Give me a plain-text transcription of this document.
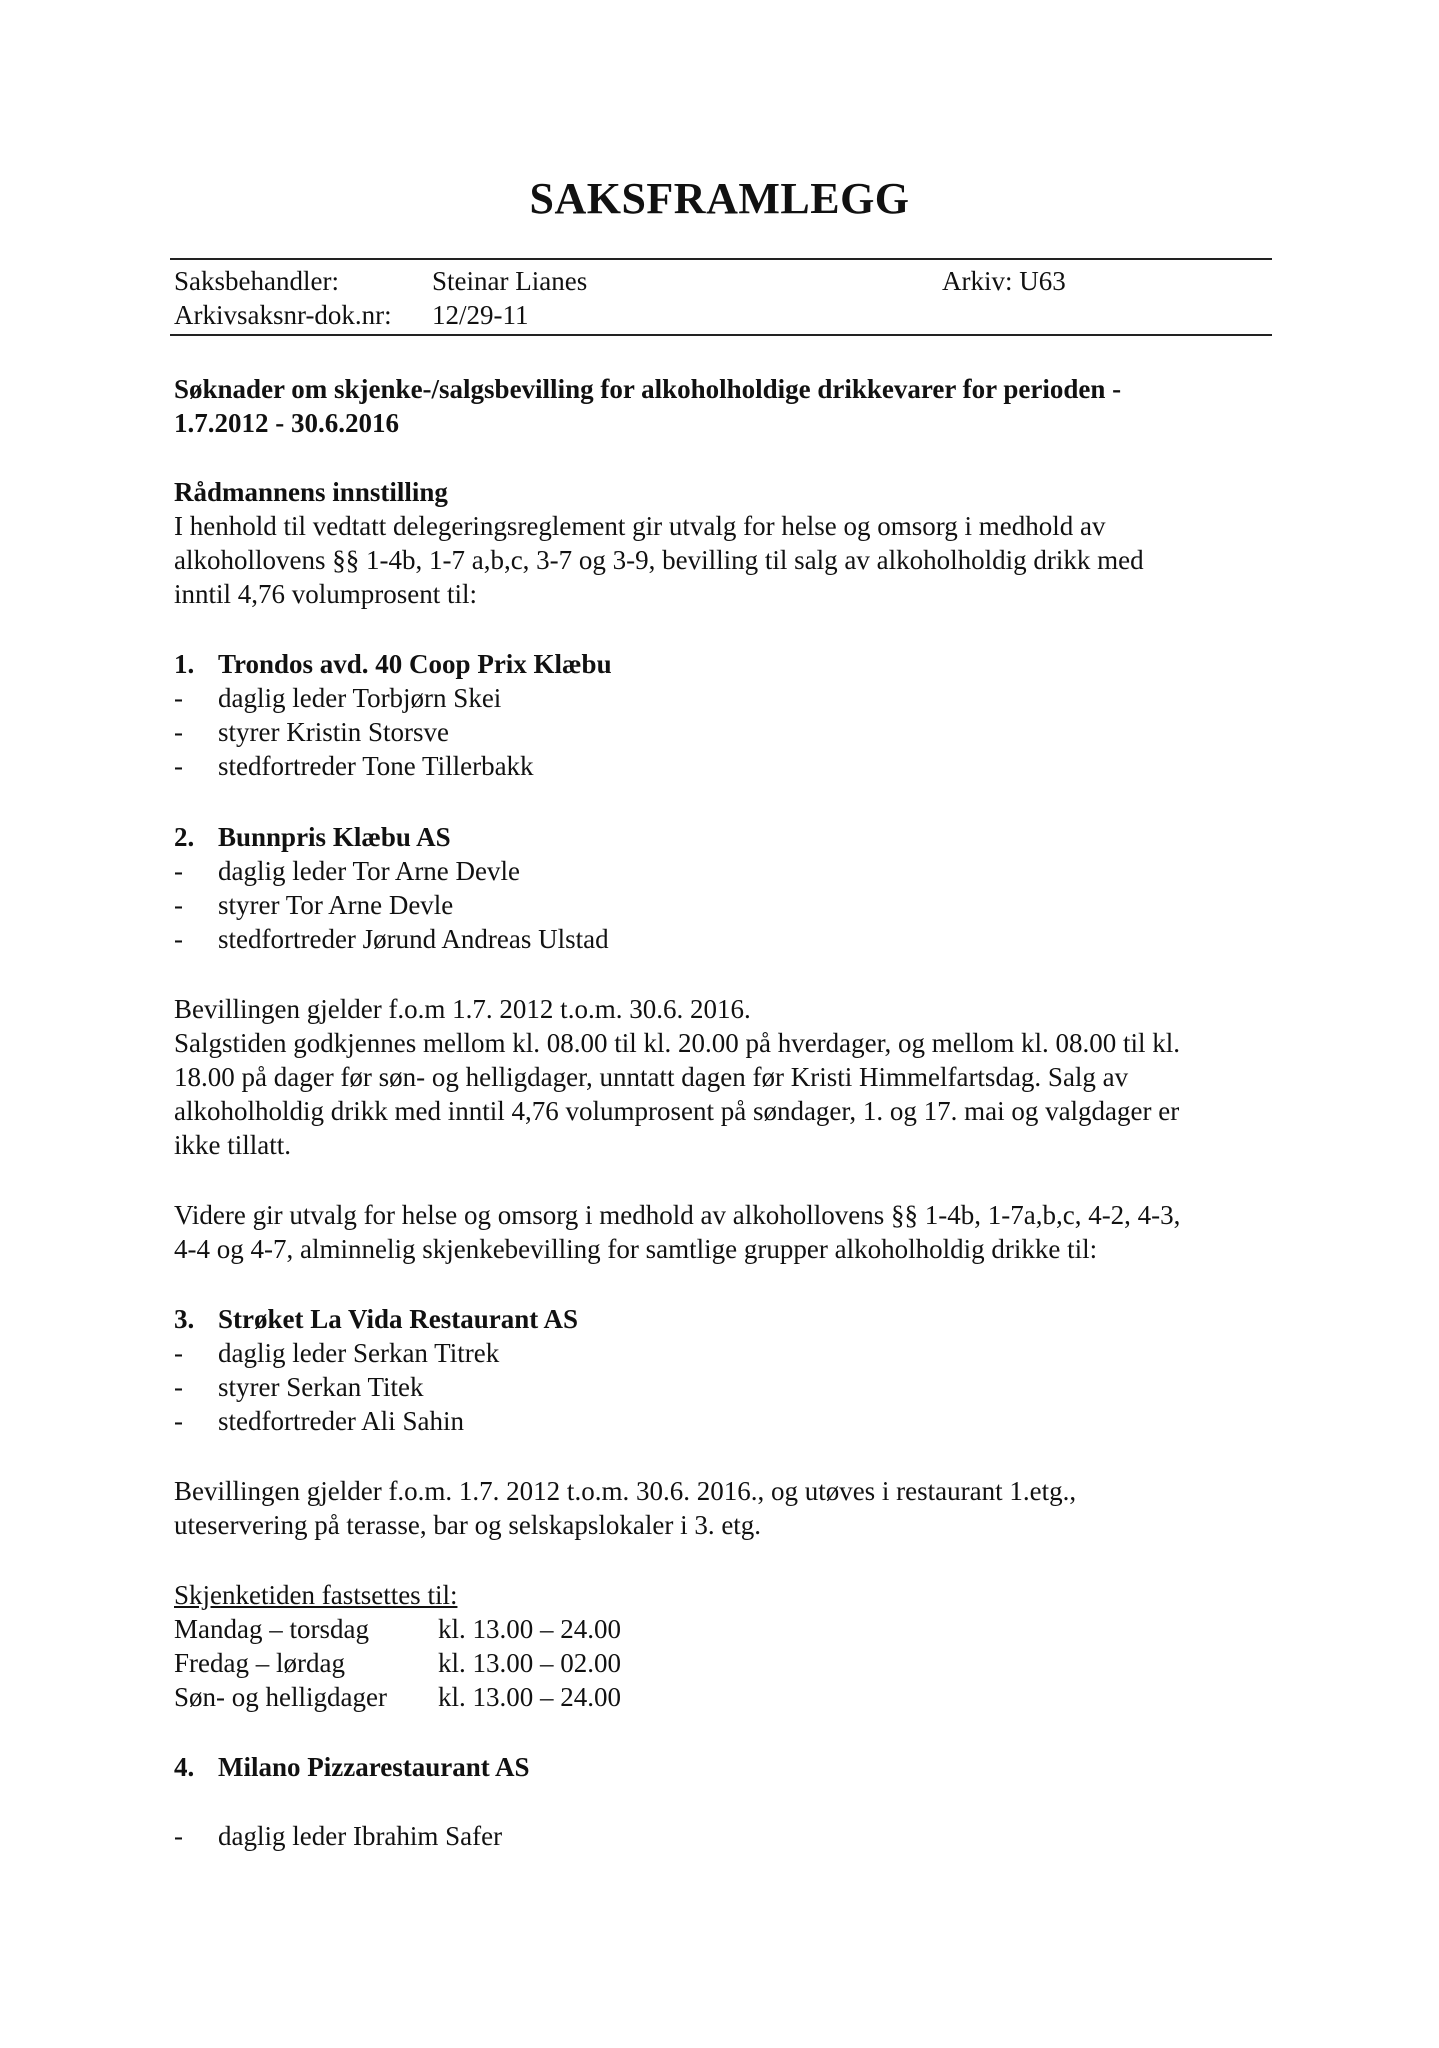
SAKSFRAMLEGG
Saksbehandler:	Steinar Lianes	Arkiv: U63
Arkivsaksnr-dok.nr: 12/29-11

Søknader om skjenke-/salgsbevilling for alkoholholdige drikkevarer for perioden -

1.7.2012 - 30.6.2016

Rådmannens innstilling

I henhold til vedtatt delegeringsreglement gir utvalg for helse og omsorg i medhold av

alkohollovens §§ 1-4b, 1-7 a,b,c, 3-7 og 3-9, bevilling til salg av alkoholholdig drikk med

inntil 4,76 volumprosent til:

1. Trondos avd. 40 Coop Prix Klæbu

- daglig leder Torbjørn Skei

- styrer Kristin Storsve

- stedfortreder Tone Tillerbakk

2. Bunnpris Klæbu AS

- daglig leder Tor Arne Devle

- styrer Tor Arne Devle

- stedfortreder Jørund Andreas Ulstad

Bevillingen gjelder f.o.m 1.7. 2012 t.o.m. 30.6. 2016.

Salgstiden godkjennes mellom kl. 08.00 til kl. 20.00 på hverdager, og mellom kl. 08.00 til kl.

18.00 på dager før søn- og helligdager, unntatt dagen før Kristi Himmelfartsdag. Salg av

alkoholholdig drikk med inntil 4,76 volumprosent på søndager, 1. og 17. mai og valgdager er

ikke tillatt.

Videre gir utvalg for helse og omsorg i medhold av alkohollovens §§ 1-4b, 1-7a,b,c, 4-2, 4-3,

4-4 og 4-7, alminnelig skjenkebevilling for samtlige grupper alkoholholdig drikke til:

3. Strøket La Vida Restaurant AS

- daglig leder Serkan Titrek

- styrer Serkan Titek

- stedfortreder Ali Sahin

Bevillingen gjelder f.o.m. 1.7. 2012 t.o.m. 30.6. 2016., og utøves i restaurant 1.etg.,

uteservering på terasse, bar og selskapslokaler i 3. etg.

Skjenketiden fastsettes til:

Mandag – torsdag	kl. 13.00 – 24.00
Fredag – lørdag	kl. 13.00 – 02.00
Søn- og helligdager kl. 13.00 – 24.00

4. Milano Pizzarestaurant AS

- daglig leder Ibrahim Safer
